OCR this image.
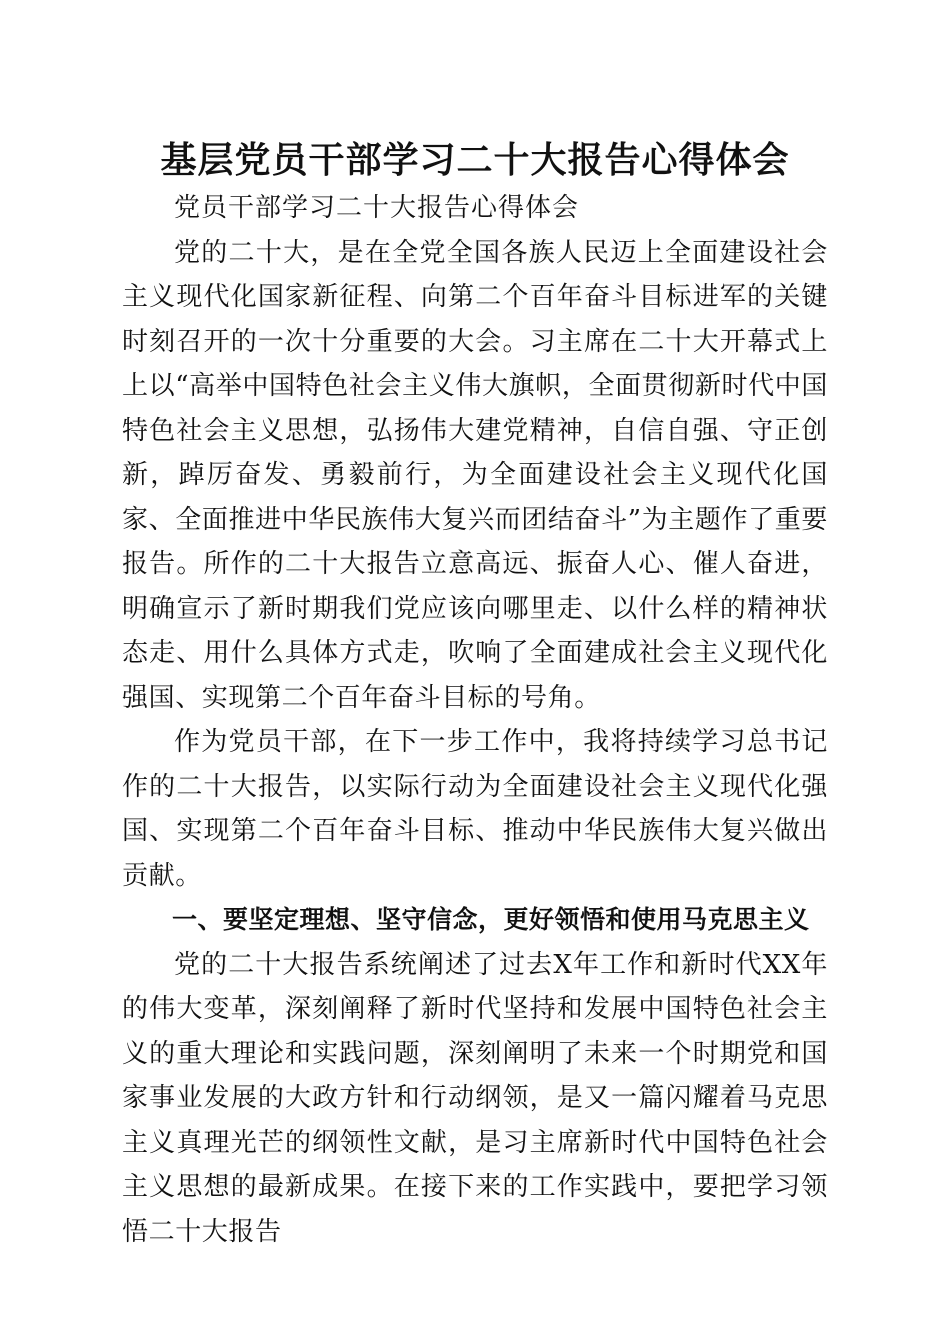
基层党员干部学习二十大报告心得体会

党员干部学习二十大报告心得体会

党的二十大，是在全党全国各族人民迈上全面建设社会主义现代化国家新征程、向第二个百年奋斗目标进军的关键时刻召开的一次十分重要的大会。习主席在二十大开幕式上上以“高举中国特色社会主义伟大旗帜，全面贯彻新时代中国特色社会主义思想，弘扬伟大建党精神，自信自强、守正创新，踔厉奋发、勇毅前行，为全面建设社会主义现代化国家、全面推进中华民族伟大复兴而团结奋斗”为主题作了重要报告。所作的二十大报告立意高远、振奋人心、催人奋进，明确宣示了新时期我们党应该向哪里走、以什么样的精神状态走、用什么具体方式走，吹响了全面建成社会主义现代化强国、实现第二个百年奋斗目标的号角。

作为党员干部，在下一步工作中，我将持续学习总书记作的二十大报告，以实际行动为全面建设社会主义现代化强国、实现第二个百年奋斗目标、推动中华民族伟大复兴做出贡献。

一、要坚定理想、坚守信念，更好领悟和使用马克思主义

党的二十大报告系统阐述了过去X年工作和新时代XX年的伟大变革，深刻阐释了新时代坚持和发展中国特色社会主义的重大理论和实践问题，深刻阐明了未来一个时期党和国家事业发展的大政方针和行动纲领，是又一篇闪耀着马克思主义真理光芒的纲领性文献，是习主席新时代中国特色社会主义思想的最新成果。在接下来的工作实践中，要把学习领悟二十大报告
